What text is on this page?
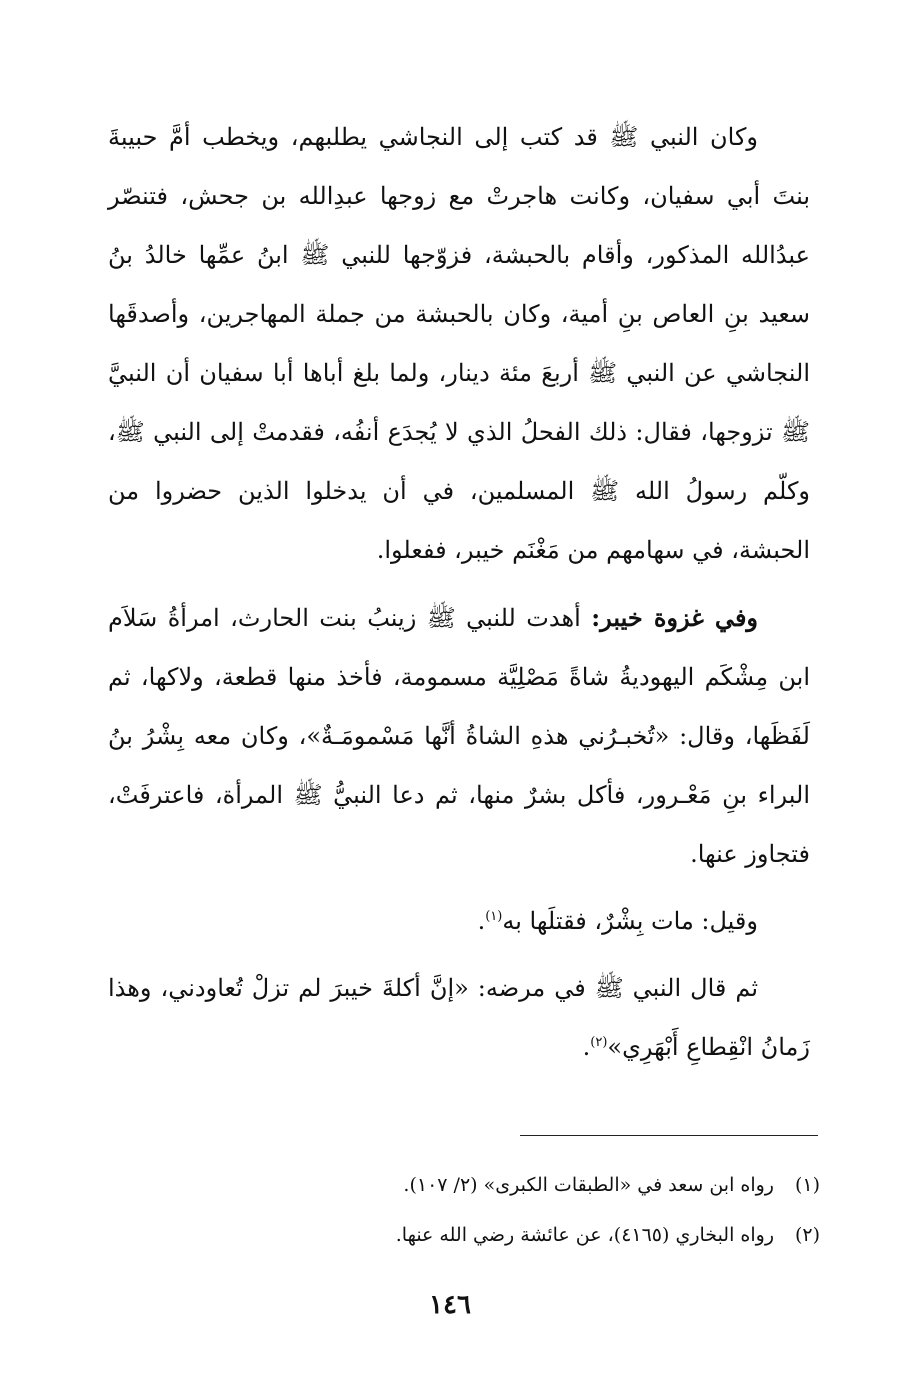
وكان النبي ﷺ قد كتب إلى النجاشي يطلبهم، ويخطب أمَّ حبيبةَ بنتَ أبي سفيان، وكانت هاجرتْ مع زوجها عبدِالله بن جحش، فتنصّر عبدُالله المذكور، وأقام بالحبشة، فزوّجها للنبي ﷺ ابنُ عمِّها خالدُ بنُ سعيد بنِ العاص بنِ أمية، وكان بالحبشة من جملة المهاجرين، وأصدقَها النجاشي عن النبي ﷺ أربعَ مئة دينار، ولما بلغ أباها أبا سفيان أن النبيَّ ﷺ تزوجها، فقال: ذلك الفحلُ الذي لا يُجدَع أنفُه، فقدمتْ إلى النبي ﷺ، وكلّم رسولُ الله ﷺ المسلمين، في أن يدخلوا الذين حضروا من الحبشة، في سهامهم من مَغْنَم خيبر، ففعلوا.

وفي غزوة خيبر: أهدت للنبي ﷺ زينبُ بنت الحارث، امرأةُ سَلاَم ابن مِشْكَم اليهوديةُ شاةً مَصْلِيَّة مسمومة، فأخذ منها قطعة، ولاكها، ثم لَفَظَها، وقال: «تُخبـرُني هذهِ الشاةُ أنَّها مَسْمومَـةٌ»، وكان معه بِشْرُ بنُ البراء بنِ مَعْـرور، فأكل بشرٌ منها، ثم دعا النبيُّ ﷺ المرأة، فاعترفَتْ، فتجاوز عنها.

وقيل: مات بِشْرٌ، فقتلَها به$^{(١)}$.

ثم قال النبي ﷺ في مرضه: «إنَّ أكلةَ خيبرَ لم تزلْ تُعاودني، وهذا زَمانُ انْقِطاعِ أَبْهَرِي»$^{(٢)}$.

(١)رواه ابن سعد في «الطبقات الكبرى» (٢/ ١٠٧).

(٢)رواه البخاري (٤١٦٥)، عن عائشة رضي الله عنها.

١٤٦
